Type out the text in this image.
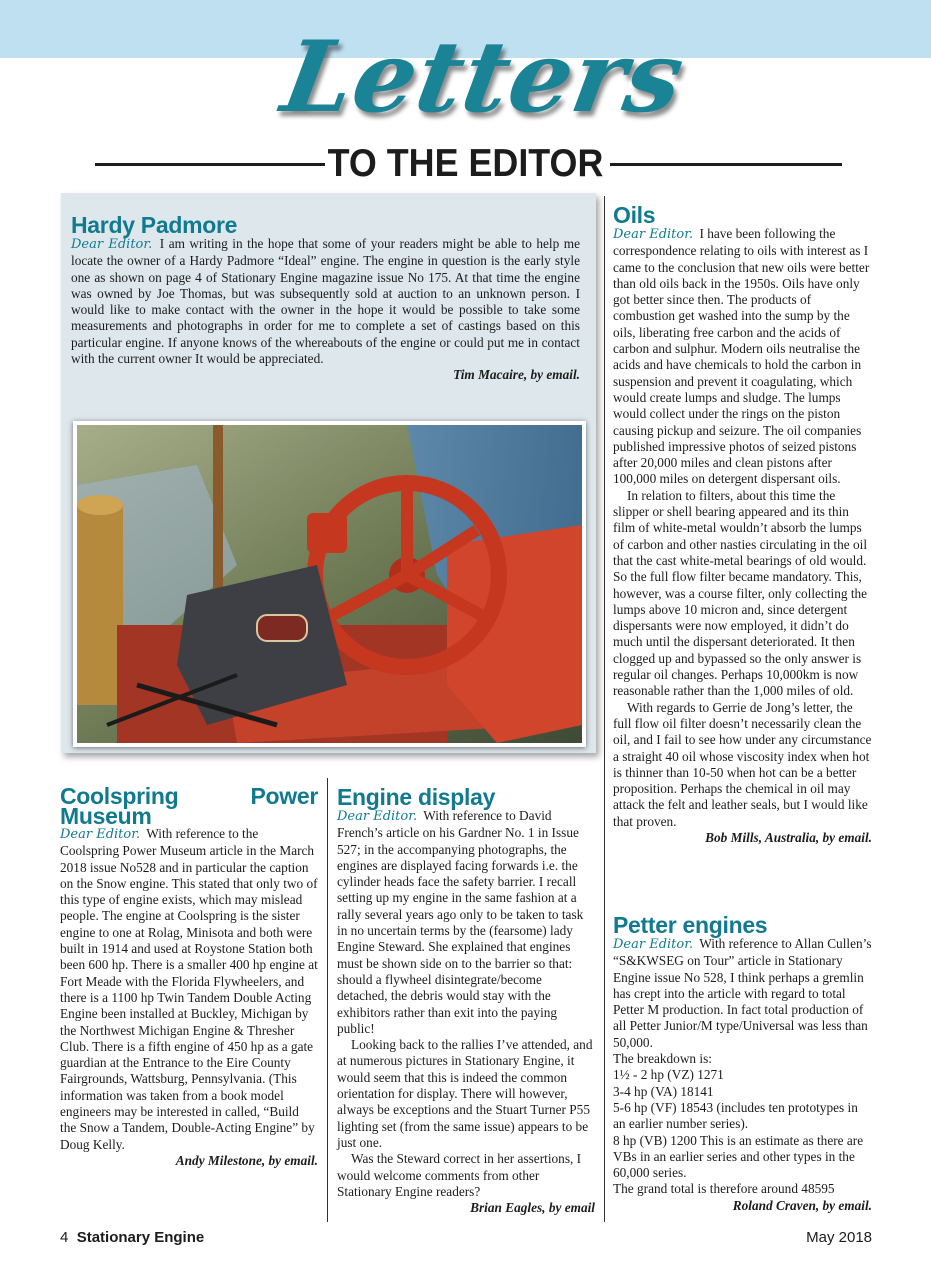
Letters
TO THE EDITOR
Hardy Padmore

Dear Editor. I am writing in the hope that some of your readers might be able to help me locate the owner of a Hardy Padmore “Ideal” engine. The engine in question is the early style one as shown on page 4 of Stationary Engine magazine issue No 175. At that time the engine was owned by Joe Thomas, but was subsequently sold at auction to an unknown person. I would like to make contact with the owner in the hope it would be possible to take some measurements and photographs in order for me to complete a set of castings based on this particular engine. If anyone knows of the whereabouts of the engine or could put me in contact with the current owner It would be appreciated.

Tim Macaire, by email.

Coolspring Power Museum

Dear Editor. With reference to the Coolspring Power Museum article in the March 2018 issue No528 and in particular the caption on the Snow engine. This stated that only two of this type of engine exists, which may mislead people. The engine at Coolspring is the sister engine to one at Rolag, Minisota and both were built in 1914 and used at Roystone Station both been 600 hp. There is a smaller 400 hp engine at Fort Meade with the Florida Flywheelers, and there is a 1100 hp Twin Tandem Double Acting Engine been installed at Buckley, Michigan by the Northwest Michigan Engine & Thresher Club. There is a fifth engine of 450 hp as a gate guardian at the Entrance to the Eire County Fairgrounds, Wattsburg, Pennsylvania. (This information was taken from a book model engineers may be interested in called, “Build the Snow a Tandem, Double-Acting Engine” by Doug Kelly.

Andy Milestone, by email.

Engine display

Dear Editor. With reference to David French’s article on his Gardner No. 1 in Issue 527; in the accompanying photographs, the engines are displayed facing forwards i.e. the cylinder heads face the safety barrier. I recall setting up my engine in the same fashion at a rally several years ago only to be taken to task in no uncertain terms by the (fearsome) lady Engine Steward. She explained that engines must be shown side on to the barrier so that: should a flywheel disintegrate/become detached, the debris would stay with the exhibitors rather than exit into the paying public!

Looking back to the rallies I’ve attended, and at numerous pictures in Stationary Engine, it would seem that this is indeed the common orientation for display. There will however, always be exceptions and the Stuart Turner P55 lighting set (from the same issue) appears to be just one.

Was the Steward correct in her assertions, I would welcome comments from other Stationary Engine readers?

Brian Eagles, by email

Oils

Dear Editor. I have been following the correspondence relating to oils with interest as I came to the conclusion that new oils were better than old oils back in the 1950s. Oils have only got better since then. The products of combustion get washed into the sump by the oils, liberating free carbon and the acids of carbon and sulphur. Modern oils neutralise the acids and have chemicals to hold the carbon in suspension and prevent it coagulating, which would create lumps and sludge. The lumps would collect under the rings on the piston causing pickup and seizure. The oil companies published impressive photos of seized pistons after 20,000 miles and clean pistons after 100,000 miles on detergent dispersant oils.

In relation to filters, about this time the slipper or shell bearing appeared and its thin film of white-metal wouldn’t absorb the lumps of carbon and other nasties circulating in the oil that the cast white-metal bearings of old would. So the full flow filter became mandatory. This, however, was a course filter, only collecting the lumps above 10 micron and, since detergent dispersants were now employed, it didn’t do much until the dispersant deteriorated. It then clogged up and bypassed so the only answer is regular oil changes. Perhaps 10,000km is now reasonable rather than the 1,000 miles of old.

With regards to Gerrie de Jong’s letter, the full flow oil filter doesn’t necessarily clean the oil, and I fail to see how under any circumstance a straight 40 oil whose viscosity index when hot is thinner than 10-50 when hot can be a better proposition. Perhaps the chemical in oil may attack the felt and leather seals, but I would like that proven.

Bob Mills, Australia, by email.

Petter engines

Dear Editor. With reference to Allan Cullen’s “S&KWSEG on Tour” article in Stationary Engine issue No 528, I think perhaps a gremlin has crept into the article with regard to total Petter M production. In fact total production of all Petter Junior/M type/Universal was less than 50,000.

The breakdown is:

1½ - 2 hp (VZ) 1271

3-4 hp (VA) 18141

5-6 hp (VF) 18543 (includes ten prototypes in an earlier number series).

8 hp (VB) 1200 This is an estimate as there are VBs in an earlier series and other types in the 60,000 series.

The grand total is therefore around 48595

Roland Craven, by email.

4 Stationary Engine	May 2018
